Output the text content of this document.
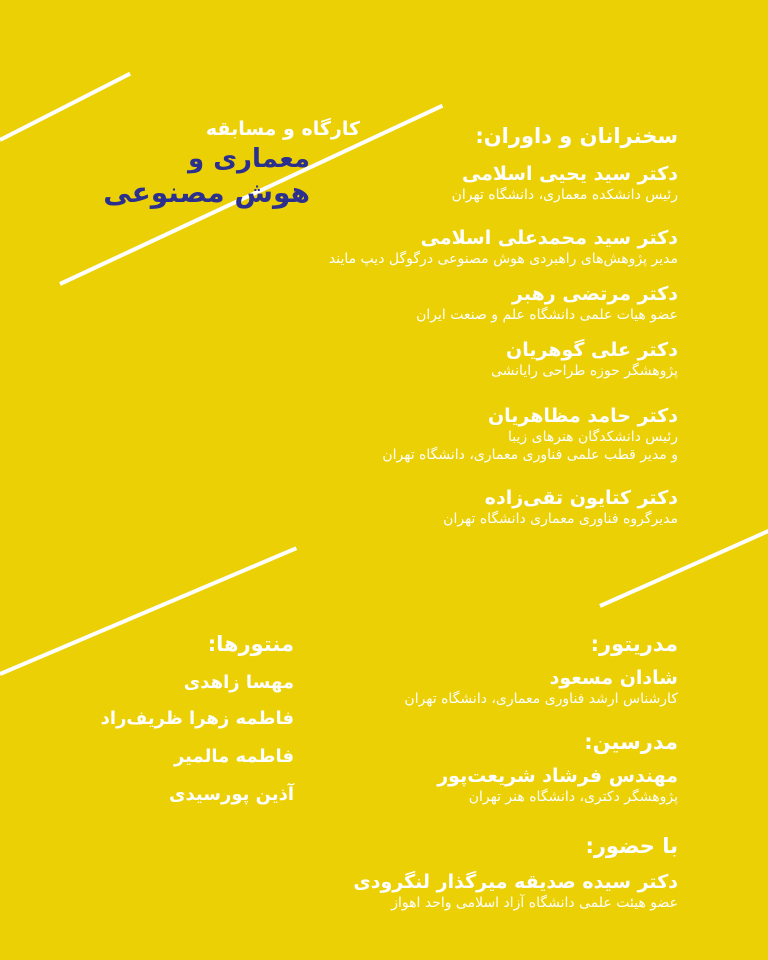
کارگاه و مسابقه
معماری و
هوش مصنوعی
سخنرانان و داوران:
دکتر سید یحیی اسلامی
رئیس دانشکده معماری، دانشگاه تهران
دکتر سید محمدعلی اسلامی
مدیر پژوهش‌های راهبردی هوش مصنوعی درگوگل دیپ مایند
دکتر مرتضی رهبر
عضو هیات علمی دانشگاه علم و صنعت ایران
دکتر علی گوهریان
پژوهشگر حوزه طراحی رایانشی
دکتر حامد مظاهریان
رئیس دانشکدگان هنرهای زیبا
و مدیر قطب علمی فناوری معماری، دانشگاه تهران
دکتر کتایون تقی‌زاده
مدیرگروه فناوری معماری دانشگاه تهران
مدریتور:
شادان مسعود
کارشناس ارشد فناوری معماری، دانشگاه تهران
مدرسین:
مهندس فرشاد شریعت‌پور
پژوهشگر دکتری، دانشگاه هنر تهران
با حضور:
دکتر سیده صدیقه میرگذار لنگرودی
عضو هیئت علمی دانشگاه آزاد اسلامی واحد اهواز
منتورها:
مهسا زاهدی
فاطمه زهرا ظریف‌راد
فاطمه مالمیر
آذین پورسیدی
